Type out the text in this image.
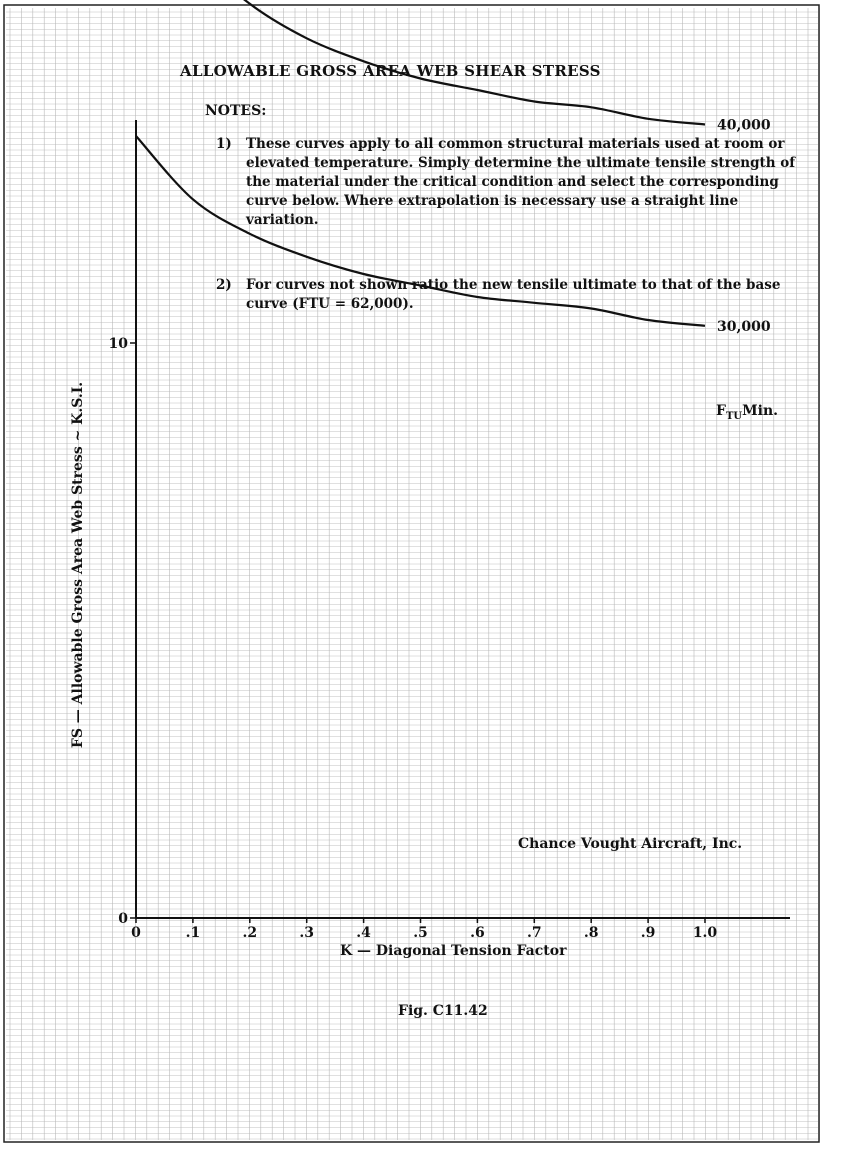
0
10
0	.1	.2	.3	.4	.5	.6	.7	.8	.9	1.0
40,000
30,000
ALLOWABLE GROSS AREA WEB SHEAR STRESS
NOTES:
1) These curves apply to all common structural materials used at room or elevated temperature. Simply determine the ultimate tensile strength of the material under the critical condition and select the corresponding curve below. Where extrapolation is necessary use a straight line variation.
2) For curves not shown ratio the new tensile ultimate to that of the base curve (FTU = 62,000).
$F_{TU}Min$.
Chance Vought Aircraft, Inc.
K — Diagonal Tension Factor
FS — Allowable Gross Area Web Stress ~ K.S.I.
Fig. C11.42
